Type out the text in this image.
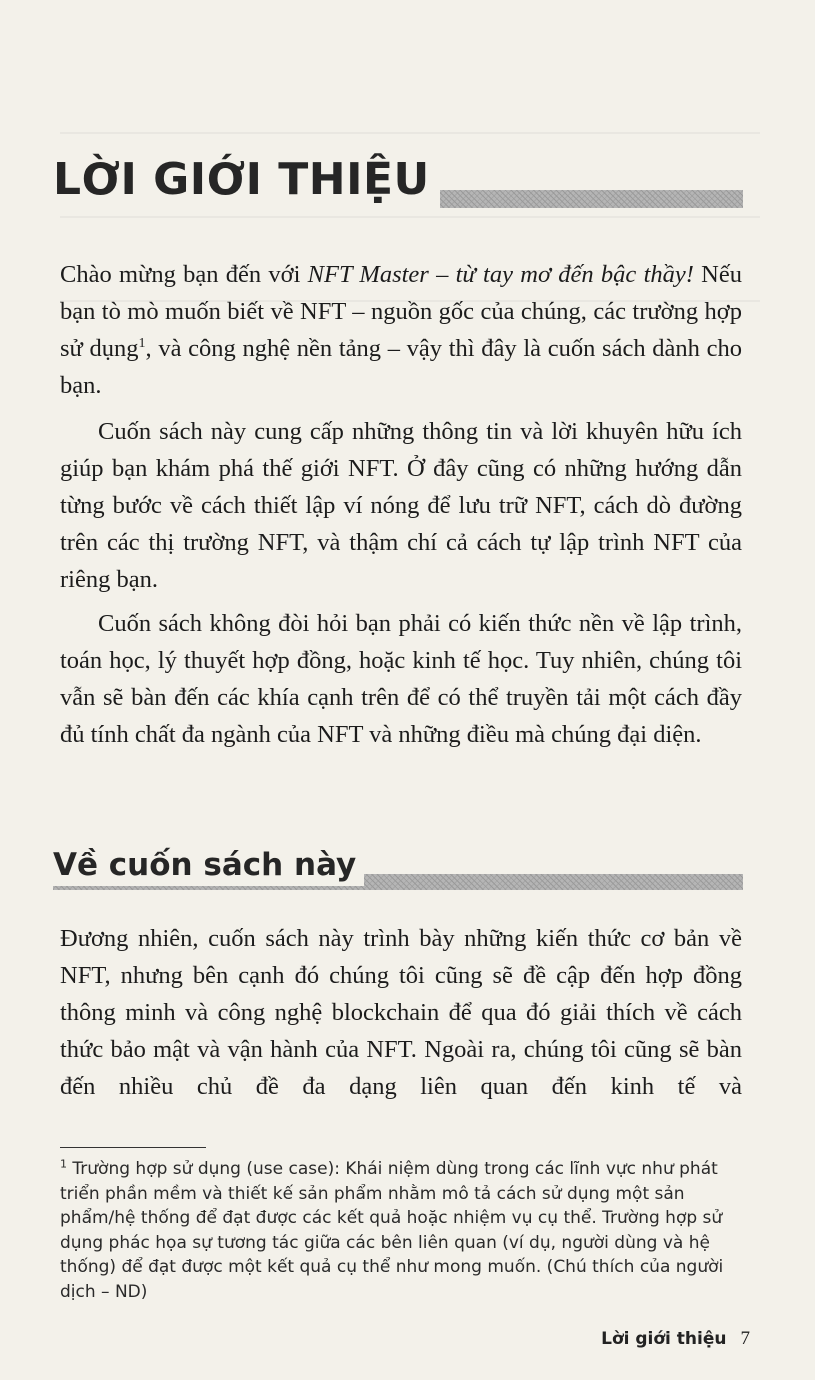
LỜI GIỚI THIỆU

Chào mừng bạn đến với NFT Master – từ tay mơ đến bậc thầy! Nếu bạn tò mò muốn biết về NFT – nguồn gốc của chúng, các trường hợp sử dụng$^1$, và công nghệ nền tảng – vậy thì đây là cuốn sách dành cho bạn.

Cuốn sách này cung cấp những thông tin và lời khuyên hữu ích giúp bạn khám phá thế giới NFT. Ở đây cũng có những hướng dẫn từng bước về cách thiết lập ví nóng để lưu trữ NFT, cách dò đường trên các thị trường NFT, và thậm chí cả cách tự lập trình NFT của riêng bạn.

Cuốn sách không đòi hỏi bạn phải có kiến thức nền về lập trình, toán học, lý thuyết hợp đồng, hoặc kinh tế học. Tuy nhiên, chúng tôi vẫn sẽ bàn đến các khía cạnh trên để có thể truyền tải một cách đầy đủ tính chất đa ngành của NFT và những điều mà chúng đại diện.

Về cuốn sách này

Đương nhiên, cuốn sách này trình bày những kiến thức cơ bản về NFT, nhưng bên cạnh đó chúng tôi cũng sẽ đề cập đến hợp đồng thông minh và công nghệ blockchain để qua đó giải thích về cách thức bảo mật và vận hành của NFT. Ngoài ra, chúng tôi cũng sẽ bàn đến nhiều chủ đề đa dạng liên quan đến kinh tế và

$^1$ Trường hợp sử dụng (use case): Khái niệm dùng trong các lĩnh vực như phát triển phần mềm và thiết kế sản phẩm nhằm mô tả cách sử dụng một sản phẩm/hệ thống để đạt được các kết quả hoặc nhiệm vụ cụ thể. Trường hợp sử dụng phác họa sự tương tác giữa các bên liên quan (ví dụ, người dùng và hệ thống) để đạt được một kết quả cụ thể như mong muốn. (Chú thích của người dịch – ND)

Lời giới thiệu 7
